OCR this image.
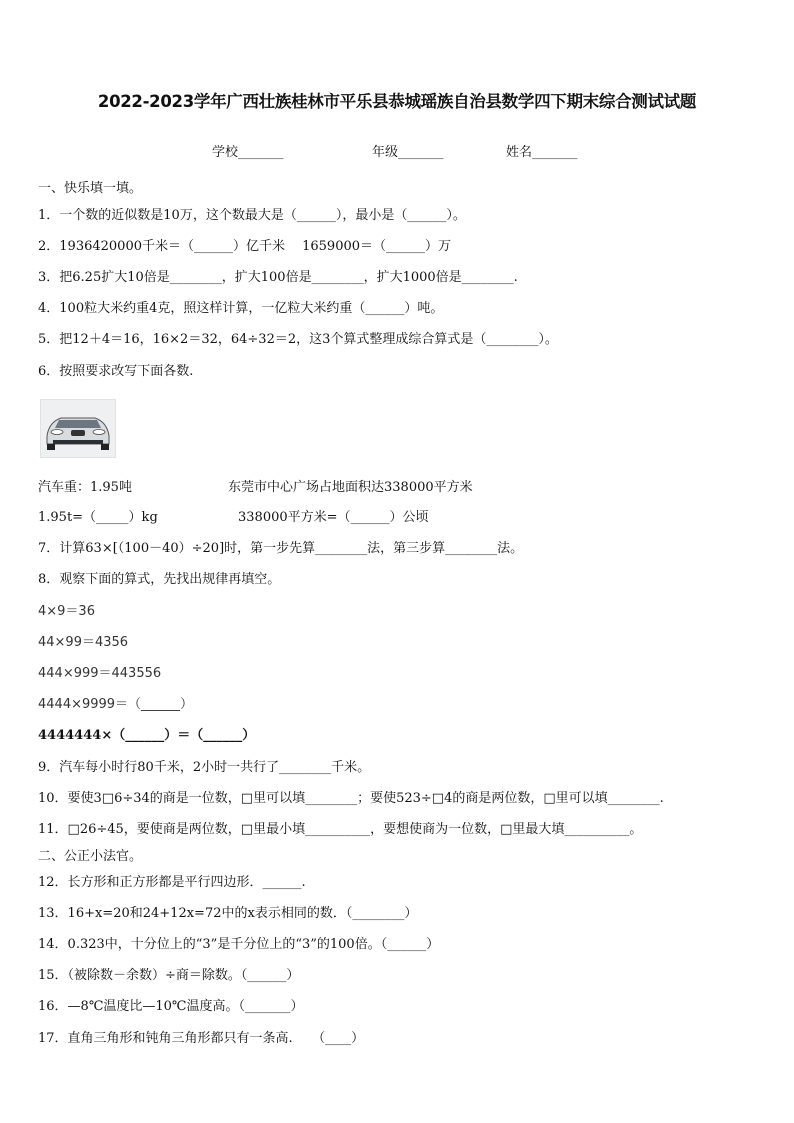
2022-2023学年广西壮族桂林市平乐县恭城瑶族自治县数学四下期末综合测试试题
学校_______	年级_______	姓名_______
一、快乐填一填。
1．一个数的近似数是10万，这个数最大是（______），最小是（______）。
2．1936420000千米＝（______）亿千米　 1659000＝（______）万
3．把6.25扩大10倍是________，扩大100倍是________，扩大1000倍是________.
4．100粒大米约重4克，照这样计算，一亿粒大米约重（______）吨。
5．把12＋4＝16，16×2＝32，64÷32＝2，这3个算式整理成综合算式是（________）。
6．按照要求改写下面各数.
汽车重：1.95吨	东莞市中心广场占地面积达338000平方米
1.95t=（_____）kg	338000平方米=（______）公顷
7．计算63×[（100－40）÷20]时，第一步先算________法，第三步算________法。
8．观察下面的算式，先找出规律再填空。
4×9＝36
44×99＝4356
444×999＝443556
4444×9999＝（______）
4444444×（______）＝（______）
9．汽车每小时行80千米，2小时一共行了________千米。
10．要使3□6÷34的商是一位数，□里可以填________；要使523÷□4的商是两位数，□里可以填________.
11．□26÷45，要使商是两位数，□里最小填__________，要想使商为一位数，□里最大填__________。
二、公正小法官。
12．长方形和正方形都是平行四边形．______.
13．16+x=20和24+12x=72中的x表示相同的数．（________）
14．0.323中，十分位上的“3”是千分位上的“3”的100倍。（______）
15．（被除数－余数）÷商＝除数。（______）
16．—8℃温度比—10℃温度高。（_______）
17．直角三角形和钝角三角形都只有一条高.　　（____）
